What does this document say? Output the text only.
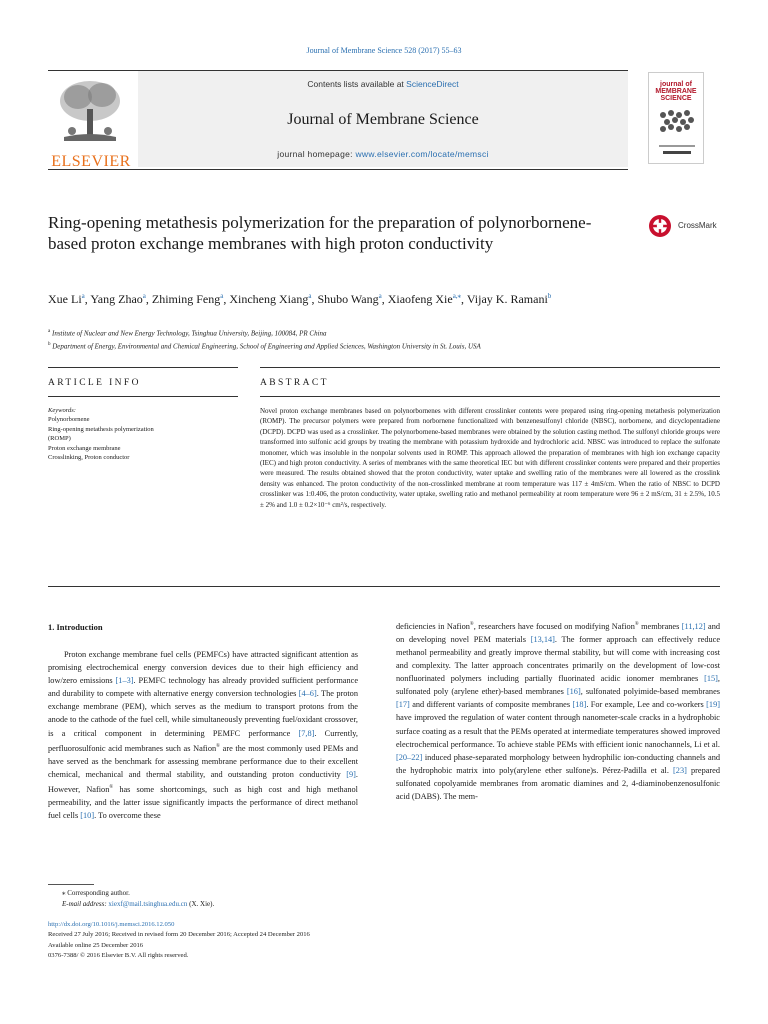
Journal of Membrane Science 528 (2017) 55–63
ELSEVIER
Contents lists available at ScienceDirect
Journal of Membrane Science
journal homepage: www.elsevier.com/locate/memsci
journal of
MEMBRANE
SCIENCE
Ring-opening metathesis polymerization for the preparation of polynorbornene-based proton exchange membranes with high proton conductivity
CrossMark
Xue Li$^a$, Yang Zhao$^a$, Zhiming Feng$^a$, Xincheng Xiang$^a$, Shubo Wang$^a$, Xiaofeng Xie$^{a,⁎}$, Vijay K. Ramani$^b$
$^a$ Institute of Nuclear and New Energy Technology, Tsinghua University, Beijing, 100084, PR China
$^b$ Department of Energy, Environmental and Chemical Engineering, School of Engineering and Applied Sciences, Washington University in St. Louis, USA
ARTICLE INFO	ABSTRACT
Keywords:
Polynorbornene
Ring-opening metathesis polymerization
(ROMP)
Proton exchange membrane
Crosslinking, Proton conductor
Novel proton exchange membranes based on polynorbornenes with different crosslinker contents were prepared using ring-opening metathesis polymerization (ROMP). The precursor polymers were prepared from norbornene functionalized with benzenesulfonyl chloride (NBSC), norbornene, and dicyclopentadiene (DCPD). DCPD was used as a crosslinker. The polynorbornene-based membranes were obtained by the solution casting method. The sulfonyl chloride groups were transformed into sulfonic acid groups by treating the membrane with potassium hydroxide and hydrochloric acid. NBSC was introduced to replace the sulfonate monomer, which was insoluble in the nonpolar solvents used in ROMP. This approach allowed the preparation of membranes with high ion exchange capacity (IEC) and high proton conductivity. A series of membranes with the same theoretical IEC but with different crosslinker contents were prepared and their properties were measured. The results obtained showed that the proton conductivity, water uptake and swelling ratio of the membranes were all lowered as the crosslink density was enhanced. The proton conductivity of the non-crosslinked membrane at room temperature was 117 ± 4mS/cm. When the ratio of NBSC to DCPD crosslinker was 1:0.406, the proton conductivity, water uptake, swelling ratio and methanol permeability at room temperature were 96 ± 2 mS/cm, 31 ± 2.5%, 10.5 ± 2% and 1.0 ± 0.2×10⁻⁶ cm²/s, respectively.
1. Introduction
Proton exchange membrane fuel cells (PEMFCs) have attracted significant attention as promising electrochemical energy conversion devices due to their high efficiency and low/zero emissions [1–3]. PEMFC technology has already provided sufficient performance and durability to compete with alternative energy conversion technologies [4–6]. The proton exchange membrane (PEM), which serves as the medium to transport protons from the anode to the cathode of the fuel cell, while simultaneously preventing fuel/oxidant crossover, is a critical component in determining PEMFC performance [7,8]. Currently, perfluorosulfonic acid membranes such as Nafion® are the most commonly used PEMs and have served as the benchmark for assessing membrane performance due to their excellent chemical, mechanical and thermal stability, and outstanding proton conductivity [9]. However, Nafion® has some shortcomings, such as high cost and high methanol permeability, and the latter issue significantly impacts the performance of direct methanol fuel cells [10]. To overcome these
deficiencies in Nafion®, researchers have focused on modifying Nafion® membranes [11,12] and on developing novel PEM materials [13,14]. The former approach can effectively reduce methanol permeability and greatly improve thermal stability, but will come with increasing cost and complexity. The latter approach concentrates primarily on the development of low-cost nonfluorinated polymers including partially fluorinated acidic ionomer membranes [15], sulfonated poly (arylene ether)-based membranes [16], sulfonated polyimide-based membranes [17] and different variants of composite membranes [18]. For example, Lee and co-workers [19] have improved the regulation of water content through nanometer-scale cracks in a hydrophobic surface coating as a result that the PEMs operated at intermediate temperatures showed improved electrochemical performance. To achieve stable PEMs with efficient ionic nanochannels, Li et al. [20–22] induced phase-separated morphology between hydrophilic ion-conducting channels and the hydrophobic matrix into poly(arylene ether sulfone)s. Pérez-Padilla et al. [23] prepared sulfonated copolyamide membranes from aromatic diamines and 2, 4-diaminobenzenosulfonic acid (DABS). The mem-
⁎ Corresponding author.
E-mail address: xiexf@mail.tsinghua.edu.cn (X. Xie).
http://dx.doi.org/10.1016/j.memsci.2016.12.050
Received 27 July 2016; Received in revised form 20 December 2016; Accepted 24 December 2016
Available online 25 December 2016
0376-7388/ © 2016 Elsevier B.V. All rights reserved.
